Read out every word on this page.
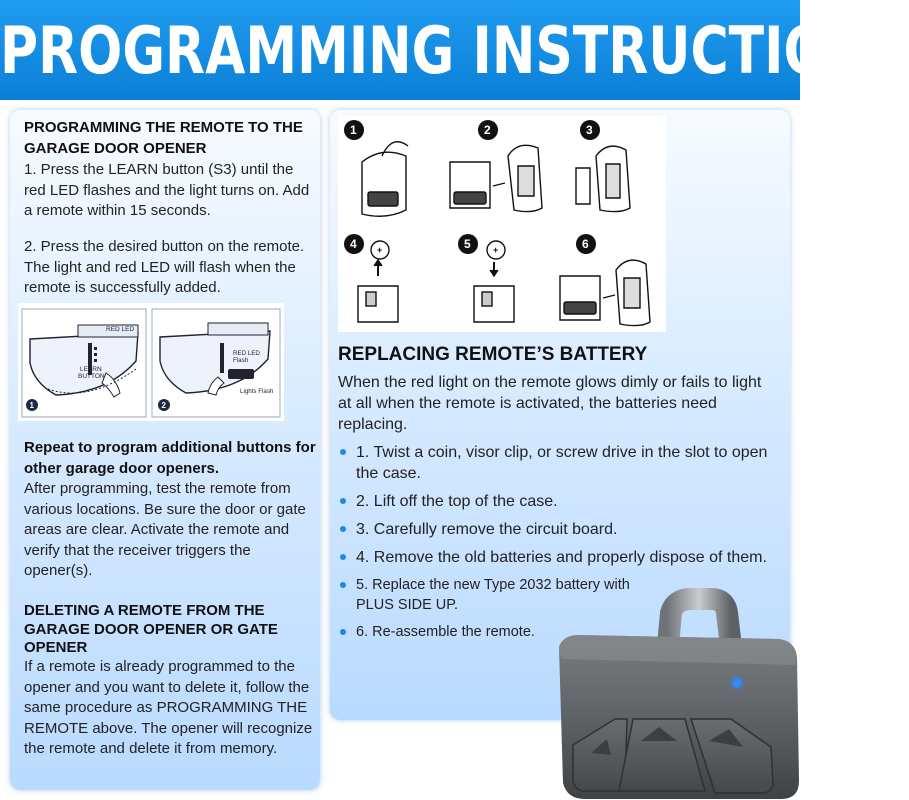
PROGRAMMING INSTRUCTIONS
PROGRAMMING THE REMOTE TO THE GARAGE DOOR OPENER
1. Press the LEARN button (S3) until the red LED flashes and the light turns on. Add a remote within 15 seconds.
2. Press the desired button on the remote. The light and red LED will flash when the remote is successfully added.
RED LED
LEARN BUTTON
1
RED LED Flash
Lights Flash
2
Repeat to program additional buttons for other garage door openers.
After programming, test the remote from various locations. Be sure the door or gate areas are clear. Activate the remote and verify that the receiver triggers the opener(s).
DELETING A REMOTE FROM THE GARAGE DOOR OPENER OR GATE OPENER
If a remote is already programmed to the opener and you want to delete it, follow the same procedure as PROGRAMMING THE REMOTE above. The opener will recognize the remote and delete it from memory.
1	2	3
4	5	6
+	+
REPLACING REMOTE’S BATTERY
When the red light on the remote glows dimly or fails to light at all when the remote is activated, the batteries need replacing.
1. Twist a coin, visor clip, or screw drive in the slot to open the case.
2. Lift off the top of the case.
3. Carefully remove the circuit board.
4. Remove the old batteries and properly dispose of them.
5. Replace the new Type 2032 battery with PLUS SIDE UP.
6. Re-assemble the remote.
